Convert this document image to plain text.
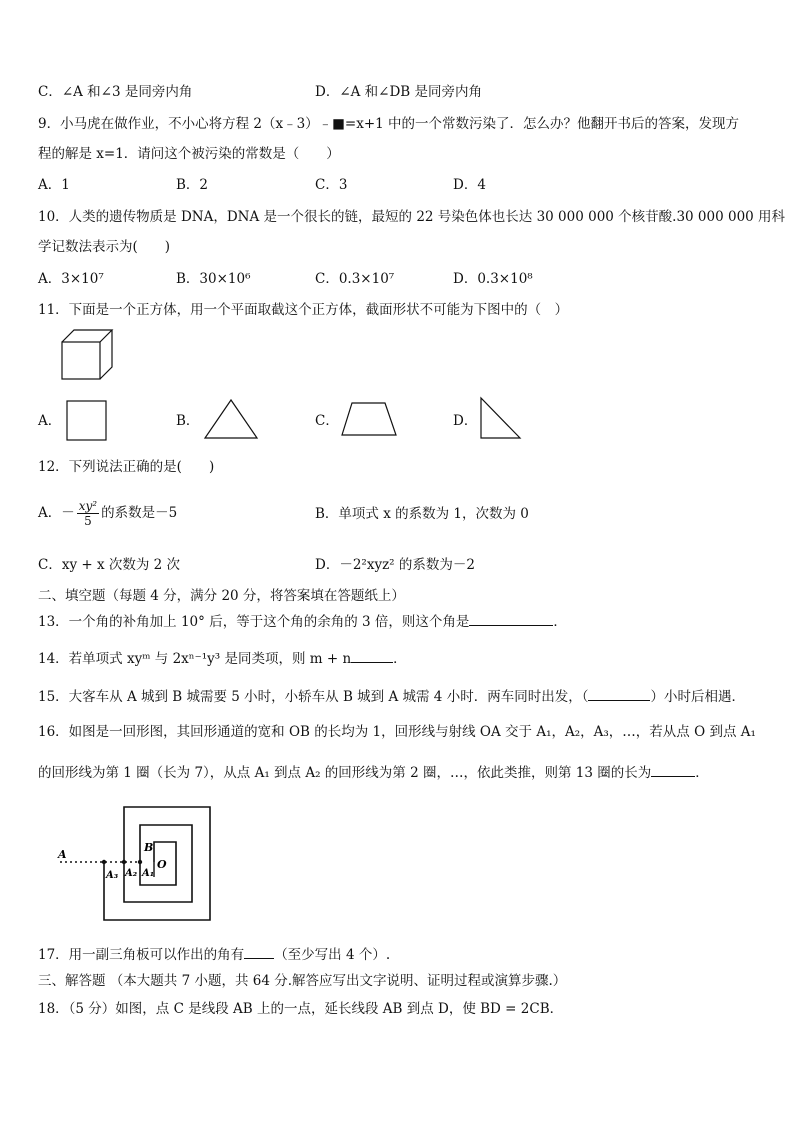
C．∠A 和∠3 是同旁内角	D．∠A 和∠DB 是同旁内角
9．小马虎在做作业，不小心将方程 2（x﹣3）﹣■=x+1 中的一个常数污染了．怎么办？他翻开书后的答案，发现方
程的解是 x=1．请问这个被污染的常数是（　　）
A．1	B．2	C．3	D．4
10．人类的遗传物质是 DNA，DNA 是一个很长的链，最短的 22 号染色体也长达 30 000 000 个核苷酸.30 000 000 用科
学记数法表示为(　　)
A．3×10⁷	B．30×10⁶	C．0.3×10⁷	D．0.3×10⁸
11．下面是一个正方体，用一个平面取截这个正方体，截面形状不可能为下图中的（　）
A．	B．	C．	D．
12．下列说法正确的是(　　)
A．－ $\frac{\text{xy²}}{5}$ 的系数是－5	B．单项式 x 的系数为 1，次数为 0
C．xy + x 次数为 2 次	D．－2²xyz² 的系数为－2
二、填空题（每题 4 分，满分 20 分，将答案填在答题纸上）
13．一个角的补角加上 10° 后，等于这个角的余角的 3 倍，则这个角是	．
14．若单项式 xyᵐ 与 2xⁿ⁻¹y³ 是同类项，则 m + n	．
15．大客车从 A 城到 B 城需要 5 小时，小轿车从 B 城到 A 城需 4 小时．两车同时出发，（	）小时后相遇．
16．如图是一回形图，其回形通道的宽和 OB 的长均为 1，回形线与射线 OA 交于 A₁，A₂，A₃，…，若从点 O 到点 A₁
的回形线为第 1 圈（长为 7），从点 A₁ 到点 A₂ 的回形线为第 2 圈，…，依此类推，则第 13 圈的长为	．
A
B
O
A₃ A₂ A₁
17．用一副三角板可以作出的角有 （至少写出 4 个）.
三、解答题 （本大题共 7 小题，共 64 分.解答应写出文字说明、证明过程或演算步骤.）
18．（5 分）如图，点 C 是线段 AB 上的一点，延长线段 AB 到点 D，使 BD = 2CB．
